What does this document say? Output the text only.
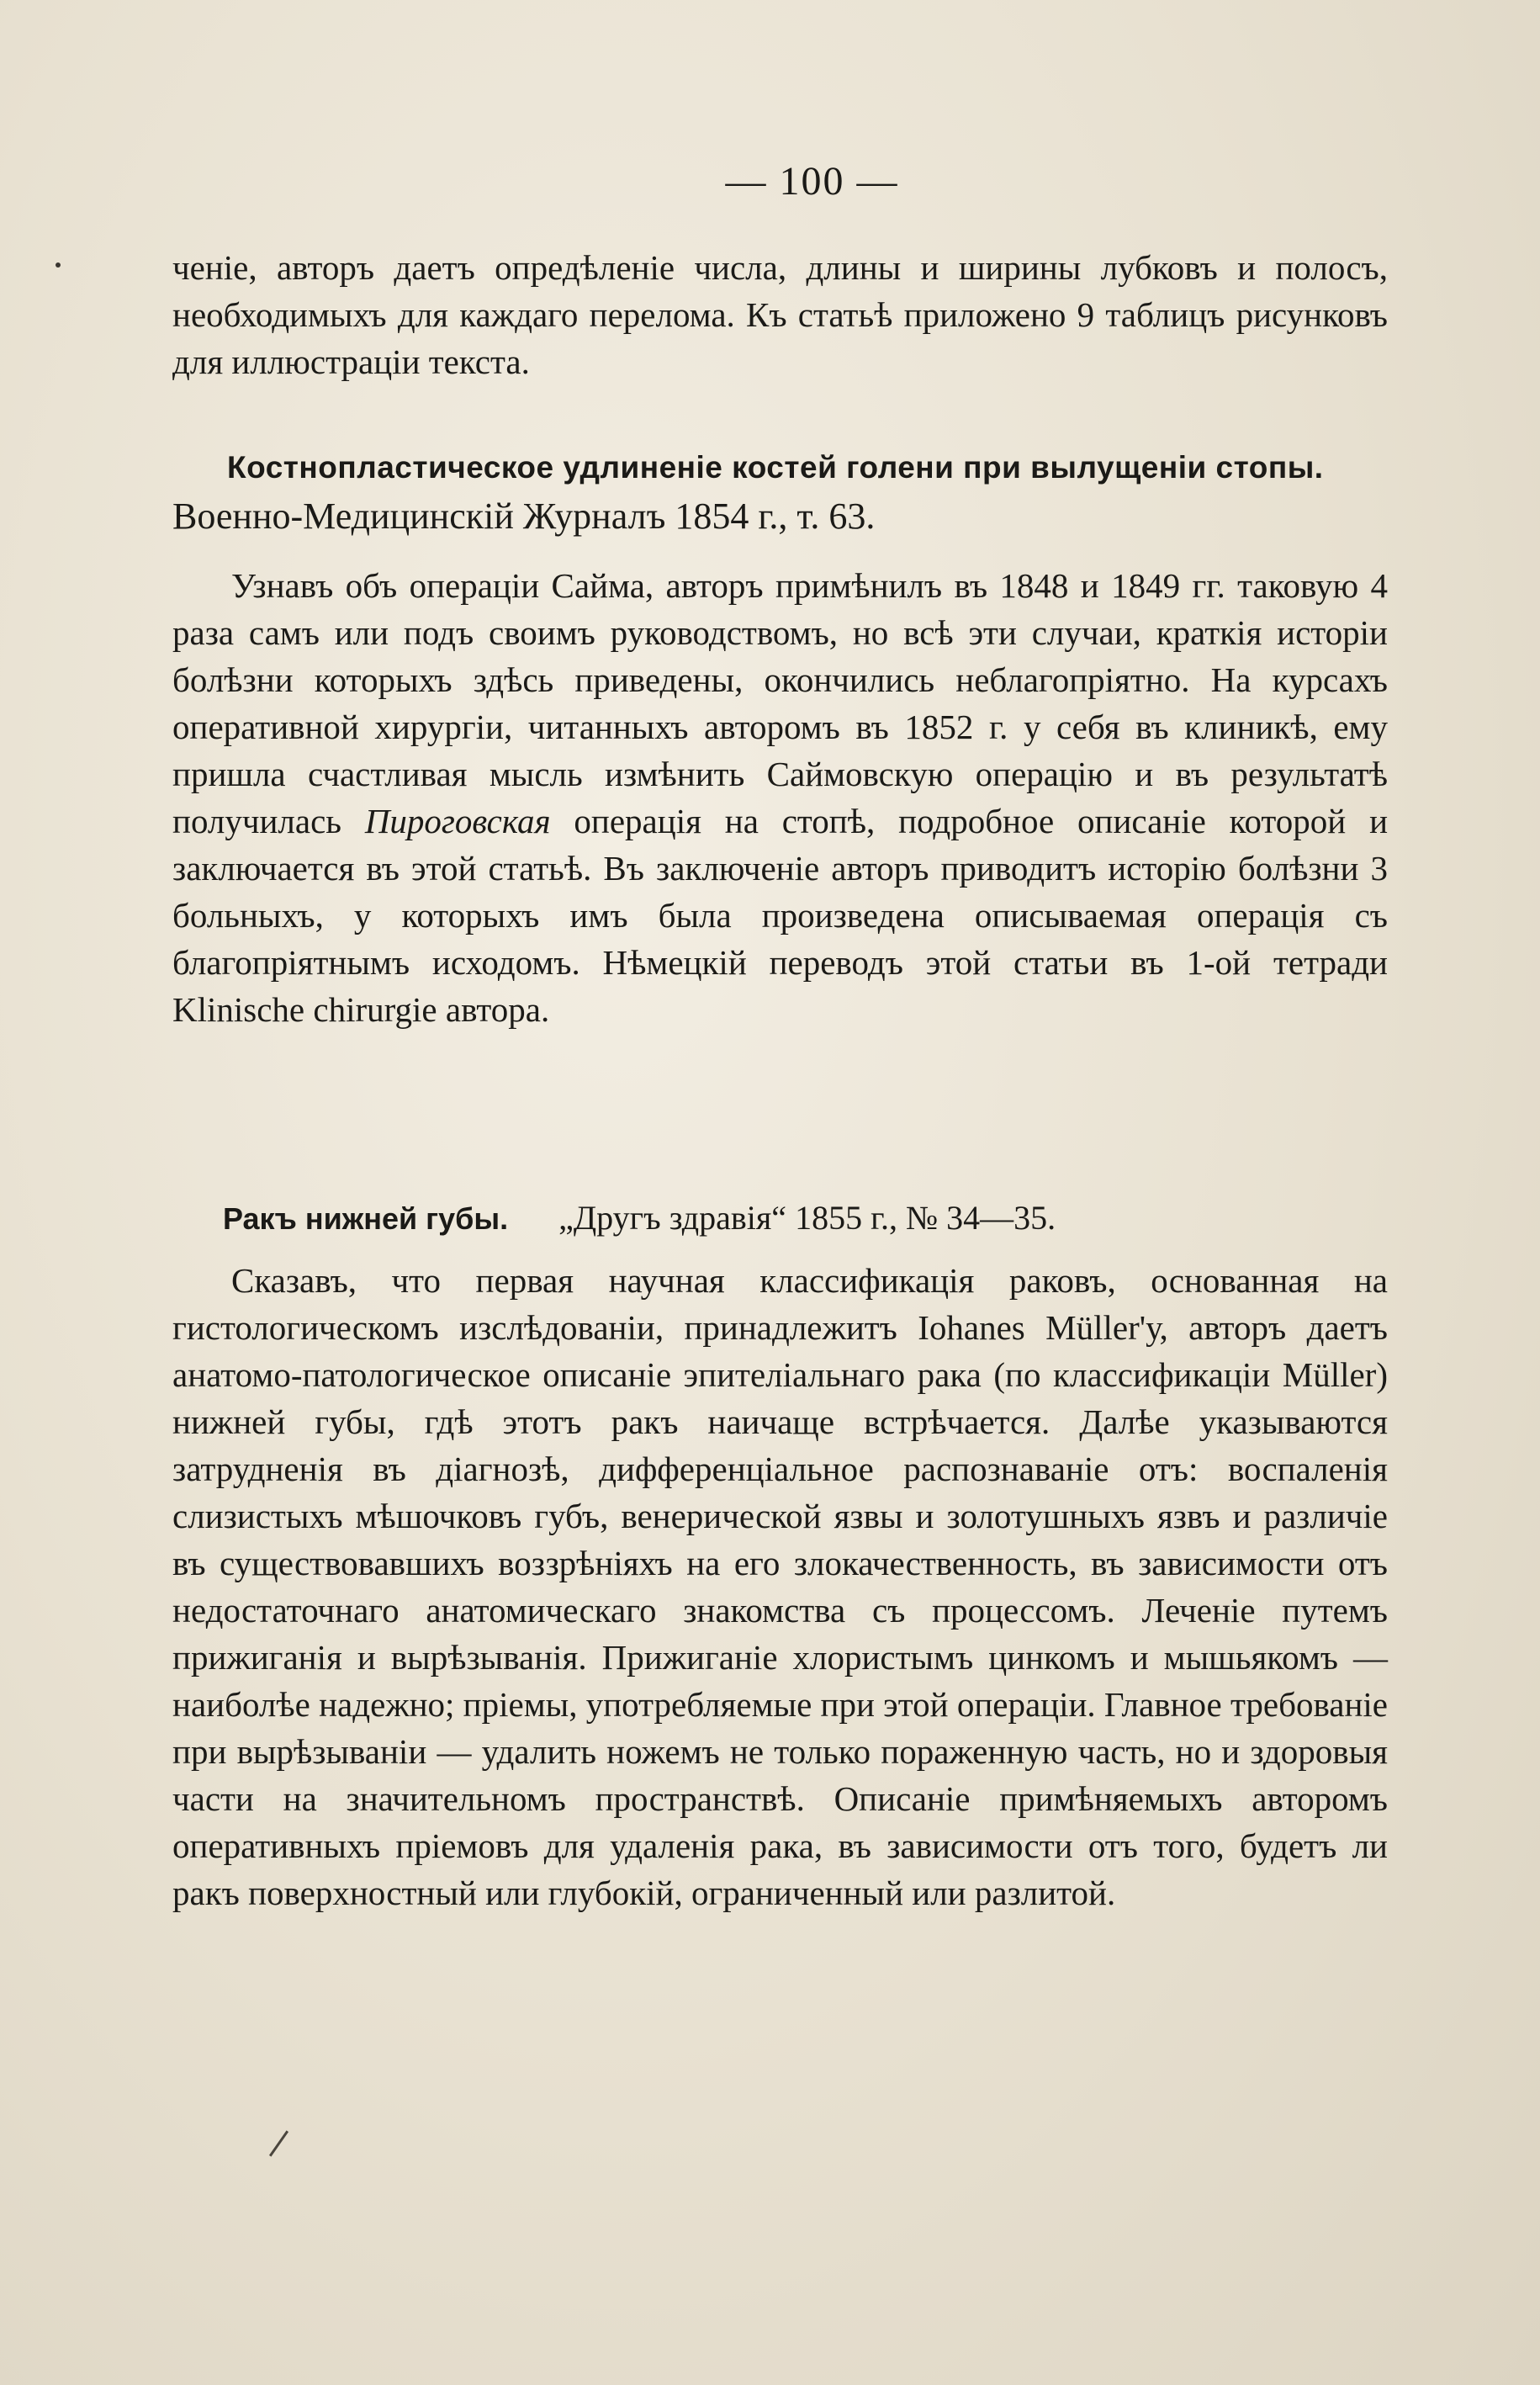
— 100 —

ченіе, авторъ даетъ опредѣленіе числа, длины и ширины лубковъ и полосъ, необходимыхъ для каждаго перелома. Къ статьѣ приложено 9 таблицъ рисунковъ для иллюстраціи текста.

Костнопластическое удлиненіе костей голени при вылущеніи стопы.
Военно-Медицинскій Журналъ 1854 г., т. 63.

Узнавъ объ операціи Сайма, авторъ примѣнилъ въ 1848 и 1849 гг. таковую 4 раза самъ или подъ своимъ руководствомъ, но всѣ эти случаи, краткія исторіи болѣзни которыхъ здѣсь приведены, окончились неблагопріятно. На курсахъ оперативной хирургіи, читанныхъ авторомъ въ 1852 г. у себя въ клиникѣ, ему пришла счастливая мысль измѣнить Саймовскую операцію и въ результатѣ получилась Пироговская операція на стопѣ, подробное описаніе которой и заключается въ этой статьѣ. Въ заключеніе авторъ приводитъ исторію болѣзни 3 больныхъ, у которыхъ имъ была произведена описываемая операція съ благопріятнымъ исходомъ. Нѣмецкій переводъ этой статьи въ 1-ой тетради Klinische chirurgie автора.

Ракъ нижней губы. „Другъ здравія“ 1855 г., № 34—35.

Сказавъ, что первая научная классификація раковъ, основанная на гистологическомъ изслѣдованіи, принадлежитъ Iohanes Müller'у, авторъ даетъ анатомо-патологическое описаніе эпителіальнаго рака (по классификаціи Müller) нижней губы, гдѣ этотъ ракъ наичаще встрѣчается. Далѣе указываются затрудненія въ діагнозѣ, дифференціальное распознаваніе отъ: воспаленія слизистыхъ мѣшочковъ губъ, венерической язвы и золотушныхъ язвъ и различіе въ существовавшихъ воззрѣніяхъ на его злокачественность, въ зависимости отъ недостаточнаго анатомическаго знакомства съ процессомъ. Леченіе путемъ прижиганія и вырѣзыванія. Прижиганіе хлористымъ цинкомъ и мышьякомъ — наиболѣе надежно; пріемы, употребляемые при этой операціи. Главное требованіе при вырѣзываніи — удалить ножемъ не только пораженную часть, но и здоровыя части на значительномъ пространствѣ. Описаніе примѣняемыхъ авторомъ оперативныхъ пріемовъ для удаленія рака, въ зависимости отъ того, будетъ ли ракъ поверхностный или глубокій, ограниченный или разлитой.
